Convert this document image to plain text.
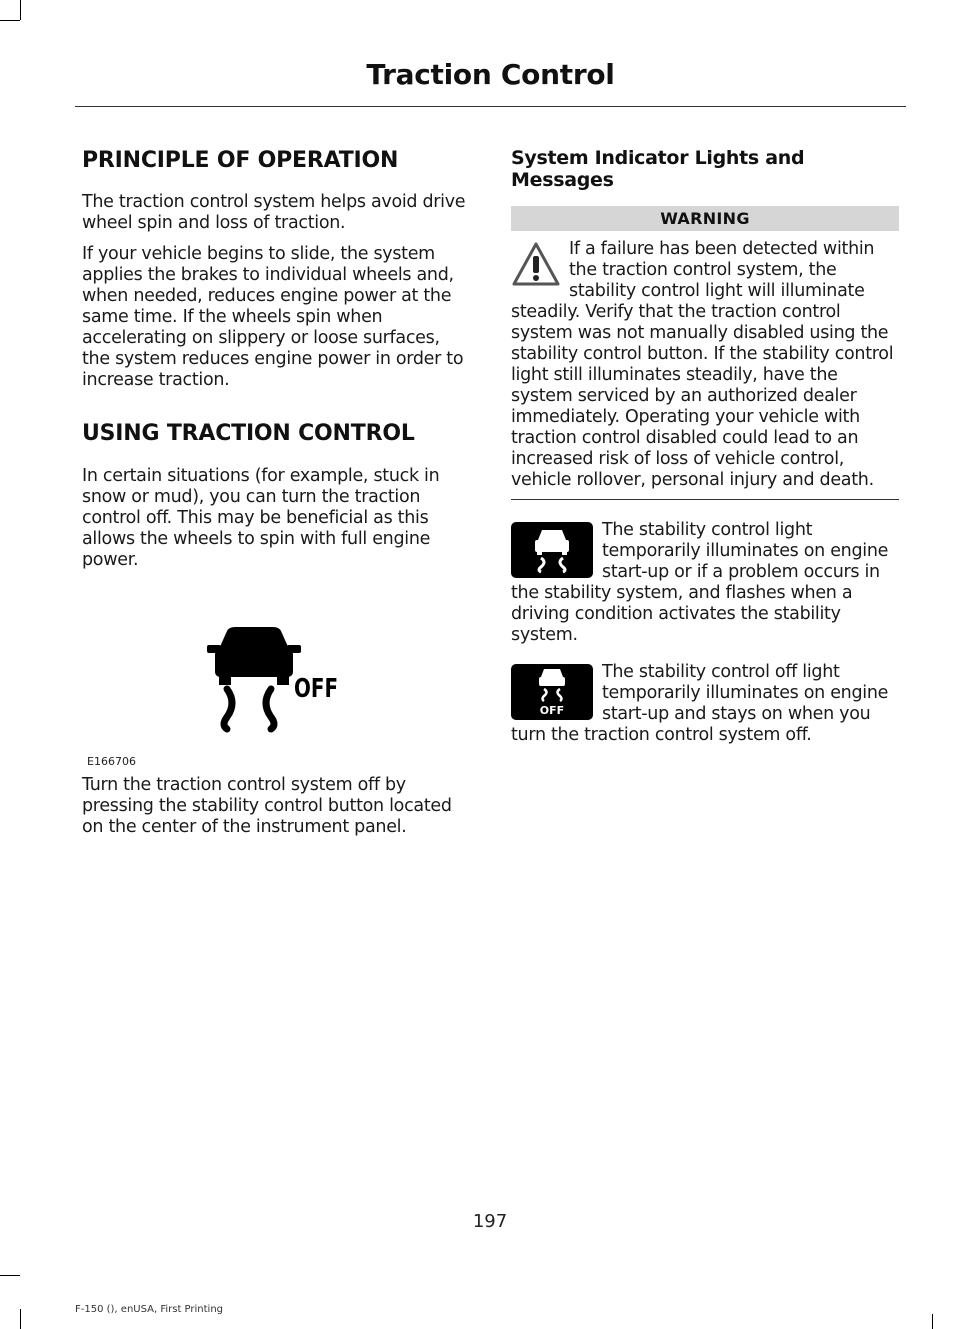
Traction Control
PRINCIPLE OF OPERATION

The traction control system helps avoid drive wheel spin and loss of traction.

If your vehicle begins to slide, the system applies the brakes to individual wheels and, when needed, reduces engine power at the same time. If the wheels spin when accelerating on slippery or loose surfaces, the system reduces engine power in order to increase traction.

USING TRACTION CONTROL

In certain situations (for example, stuck in snow or mud), you can turn the traction control off. This may be beneficial as this allows the wheels to spin with full engine power.

OFF
E166706

Turn the traction control system off by pressing the stability control button located on the center of the instrument panel.

System Indicator Lights and Messages
WARNING

If a failure has been detected within the traction control system, the stability control light will illuminate steadily. Verify that the traction control system was not manually disabled using the stability control button. If the stability control light still illuminates steadily, have the system serviced by an authorized dealer immediately. Operating your vehicle with traction control disabled could lead to an increased risk of loss of vehicle control, vehicle rollover, personal injury and death.

The stability control light temporarily illuminates on engine start-up or if a problem occurs in the stability system, and flashes when a driving condition activates the stability system.

OFF

The stability control off light temporarily illuminates on engine start-up and stays on when you turn the traction control system off.

197
F-150 (), enUSA, First Printing
